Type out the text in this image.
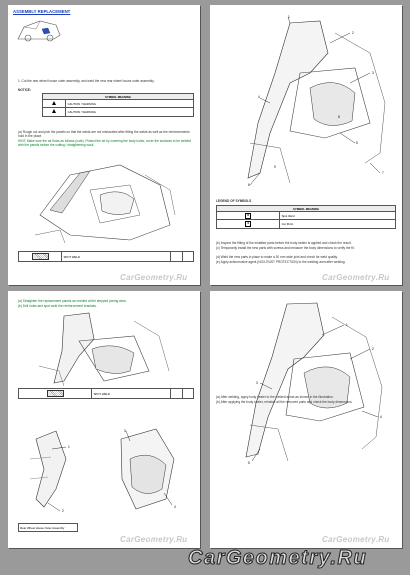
ASSEMBLY REPLACEMENT
1. Cut the rear wheel house outer assembly, and weld the new rear wheel house outer assembly.
NOTICE:
SYMBOL MEANING	
	CAUTION / WARNING
	CAUTION / WARNING
(a) Rough cut and pick the panels so that the welds are not mislocated after fitting the welds as well as the reinforcements hold in the place.
HINT: Make sure the air flows as follows (note). Protect the air by covering the body holes; cover the surfaces to be welded with the panels before the cutting / straightening work.
	SPOT WELD		
CarGeometry.Ru
1
2
3
4
5
6
7
8
9
LEGEND OF SYMBOLS
SYMBOL MEANING	
O	Spot Weld
X	Cut Point
(b) Inspect the fitting of the installed parts before the body sealer is applied and check the result.
(c) Temporarily install the new parts with screws and measure the body dimensions to verify the fit.
(d) Weld the new parts in place to make a 30 mm wide joint and check for weld quality.
(e) Apply anticorrosive agent (NOX-RUST PROTECTION) to the welding area after welding.
CarGeometry.Ru
(a) Straighten the replacement panels as needed at the stepped joining area.
(b) Drill holes and spot weld the reinforcement brackets.
	SPOT WELD		
1
2
3
4
Rear Wheel House Outer Assembly
CarGeometry.Ru
1
2
3
4
5
(a) After welding, apply body sealer to the welded areas as shown in the illustration.
(b) After applying the body sealer, reinstall all the removed parts and check the body dimensions.
CarGeometry.Ru
CarGeometry.Ru
